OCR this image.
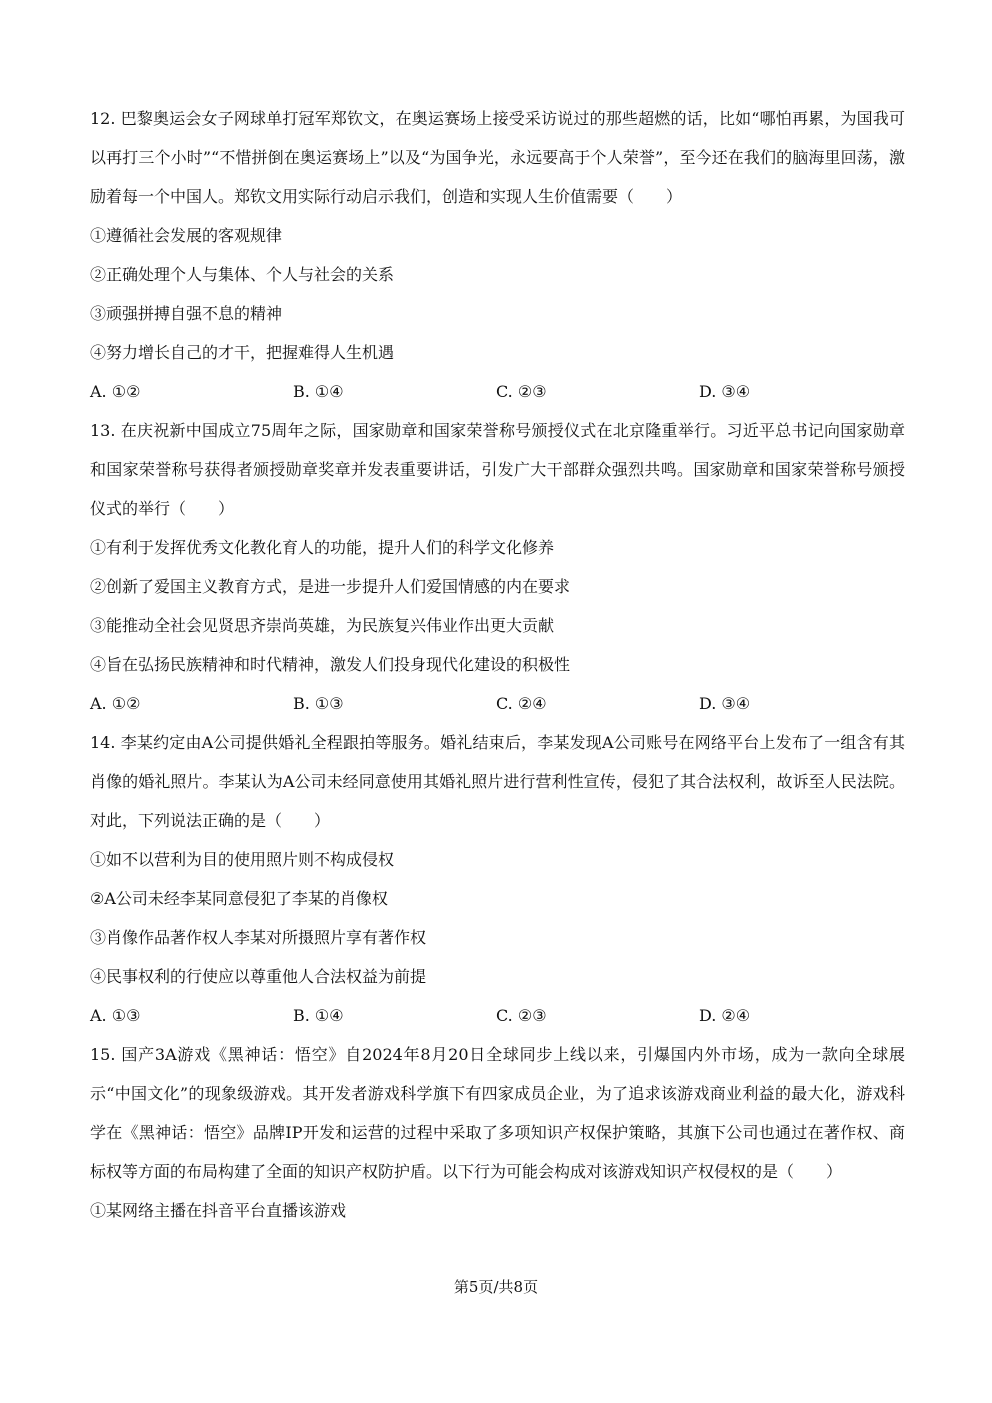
12. 巴黎奥运会女子网球单打冠军郑钦文，在奥运赛场上接受采访说过的那些超燃的话，比如“哪怕再累，为国我可以再打三个小时”“不惜拼倒在奥运赛场上”以及“为国争光，永远要高于个人荣誉”，至今还在我们的脑海里回荡，激励着每一个中国人。郑钦文用实际行动启示我们，创造和实现人生价值需要（　　）
①遵循社会发展的客观规律
②正确处理个人与集体、个人与社会的关系
③顽强拼搏自强不息的精神
④努力增长自己的才干，把握难得人生机遇
A. ①②	B. ①④	C. ②③	D. ③④
13. 在庆祝新中国成立75周年之际，国家勋章和国家荣誉称号颁授仪式在北京隆重举行。习近平总书记向国家勋章和国家荣誉称号获得者颁授勋章奖章并发表重要讲话，引发广大干部群众强烈共鸣。国家勋章和国家荣誉称号颁授仪式的举行（　　）
①有利于发挥优秀文化教化育人的功能，提升人们的科学文化修养
②创新了爱国主义教育方式，是进一步提升人们爱国情感的内在要求
③能推动全社会见贤思齐崇尚英雄，为民族复兴伟业作出更大贡献
④旨在弘扬民族精神和时代精神，激发人们投身现代化建设的积极性
A. ①②	B. ①③	C. ②④	D. ③④
14. 李某约定由A公司提供婚礼全程跟拍等服务。婚礼结束后，李某发现A公司账号在网络平台上发布了一组含有其肖像的婚礼照片。李某认为A公司未经同意使用其婚礼照片进行营利性宣传，侵犯了其合法权利，故诉至人民法院。对此，下列说法正确的是（　　）
①如不以营利为目的使用照片则不构成侵权
②A公司未经李某同意侵犯了李某的肖像权
③肖像作品著作权人李某对所摄照片享有著作权
④民事权利的行使应以尊重他人合法权益为前提
A. ①③	B. ①④	C. ②③	D. ②④
15. 国产3A游戏《黑神话：悟空》自2024年8月20日全球同步上线以来，引爆国内外市场，成为一款向全球展示“中国文化”的现象级游戏。其开发者游戏科学旗下有四家成员企业，为了追求该游戏商业利益的最大化，游戏科学在《黑神话：悟空》品牌IP开发和运营的过程中采取了多项知识产权保护策略，其旗下公司也通过在著作权、商标权等方面的布局构建了全面的知识产权防护盾。以下行为可能会构成对该游戏知识产权侵权的是（　　）
①某网络主播在抖音平台直播该游戏
第5页/共8页
